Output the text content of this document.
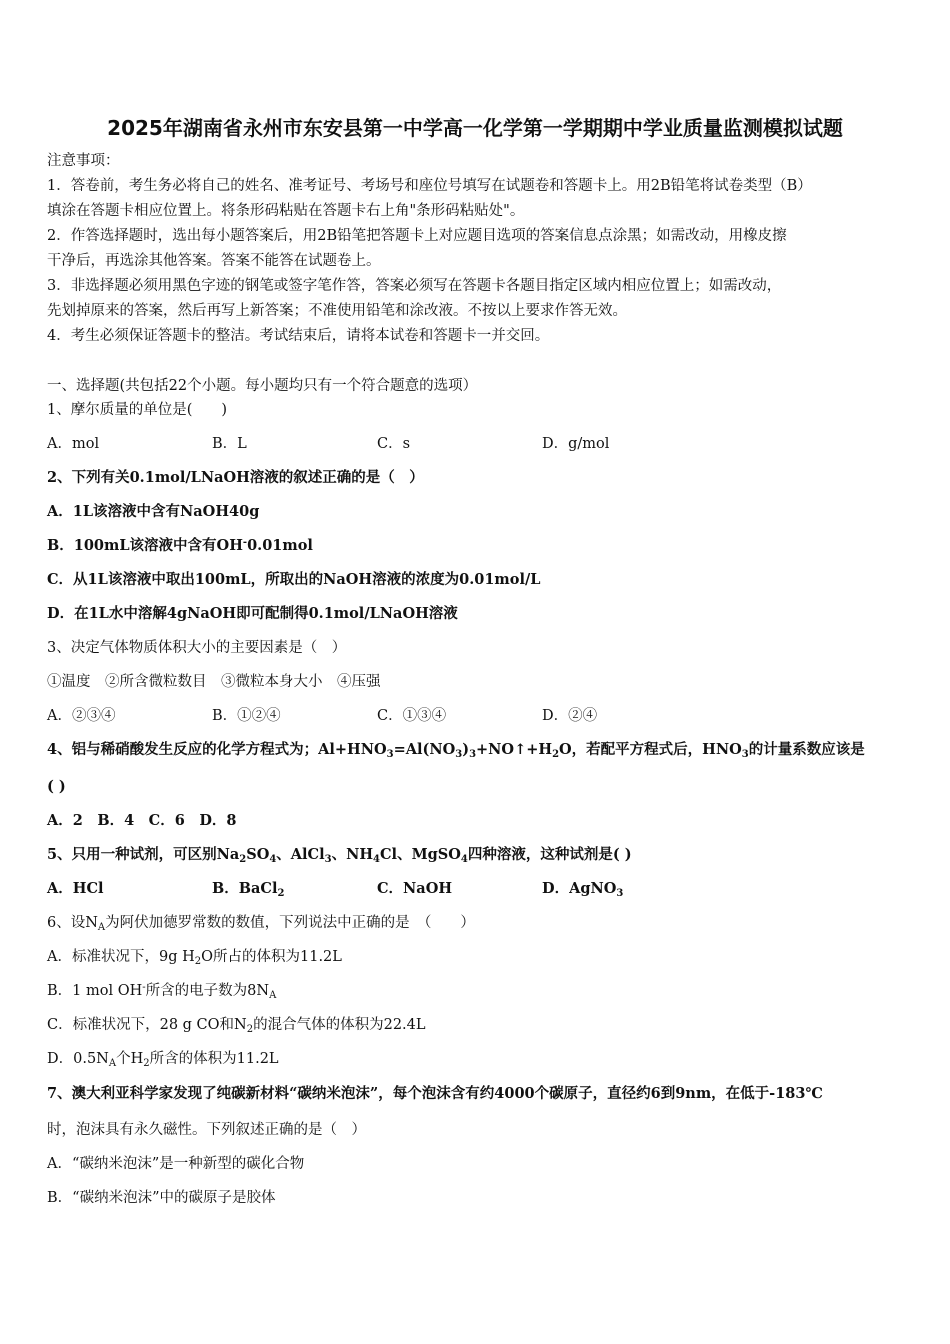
2025年湖南省永州市东安县第一中学高一化学第一学期期中学业质量监测模拟试题
注意事项：
1．答卷前，考生务必将自己的姓名、准考证号、考场号和座位号填写在试题卷和答题卡上。用2B铅笔将试卷类型（B）
填涂在答题卡相应位置上。将条形码粘贴在答题卡右上角"条形码粘贴处"。
2．作答选择题时，选出每小题答案后，用2B铅笔把答题卡上对应题目选项的答案信息点涂黑；如需改动，用橡皮擦
干净后，再选涂其他答案。答案不能答在试题卷上。
3．非选择题必须用黑色字迹的钢笔或签字笔作答，答案必须写在答题卡各题目指定区域内相应位置上；如需改动，
先划掉原来的答案，然后再写上新答案；不准使用铅笔和涂改液。不按以上要求作答无效。
4．考生必须保证答题卡的整洁。考试结束后，请将本试卷和答题卡一并交回。
一、选择题(共包括22个小题。每小题均只有一个符合题意的选项）
1、摩尔质量的单位是(　　)
A．mol	B．L	C．s	D．g/mol
2、下列有关0.1mol/LNaOH溶液的叙述正确的是（　）
A．1L该溶液中含有NaOH40g
B．100mL该溶液中含有OH-0.01mol
C．从1L该溶液中取出100mL，所取出的NaOH溶液的浓度为0.01mol/L
D．在1L水中溶解4gNaOH即可配制得0.1mol/LNaOH溶液
3、决定气体物质体积大小的主要因素是（　）
①温度　②所含微粒数目　③微粒本身大小　④压强
A．②③④	B．①②④	C．①③④	D．②④
4、铝与稀硝酸发生反应的化学方程式为；$Al+HNO_3=Al(NO_3)_3+NO↑+H_2O$，若配平方程式后，$HNO_3$的计量系数应该是
( )
A．2　B．4　C．6　D．8
5、只用一种试剂，可区别$Na_2SO_4$、AlCl$_3$、$NH_4Cl$、MgSO$_4$四种溶液，这种试剂是( )
A．HCl	B．BaCl$_2$	C．NaOH	D．AgNO$_3$
6、设$N_A$为阿伏加德罗常数的数值，下列说法中正确的是　（　　）
A．标准状况下，9g $H_2O$所占的体积为11.2L
B．1 mol OH-所含的电子数为$8N_A$
C．标准状况下，28 g CO和$N_2$的混合气体的体积为22.4L
D．$0.5N_A$个$H_2$所含的体积为11.2L
7、澳大利亚科学家发现了纯碳新材料“碳纳米泡沫”，每个泡沫含有约4000个碳原子，直径约6到9nm，在低于-183℃
时，泡沫具有永久磁性。下列叙述正确的是（　）
A．“碳纳米泡沫”是一种新型的碳化合物
B．“碳纳米泡沫”中的碳原子是胶体
